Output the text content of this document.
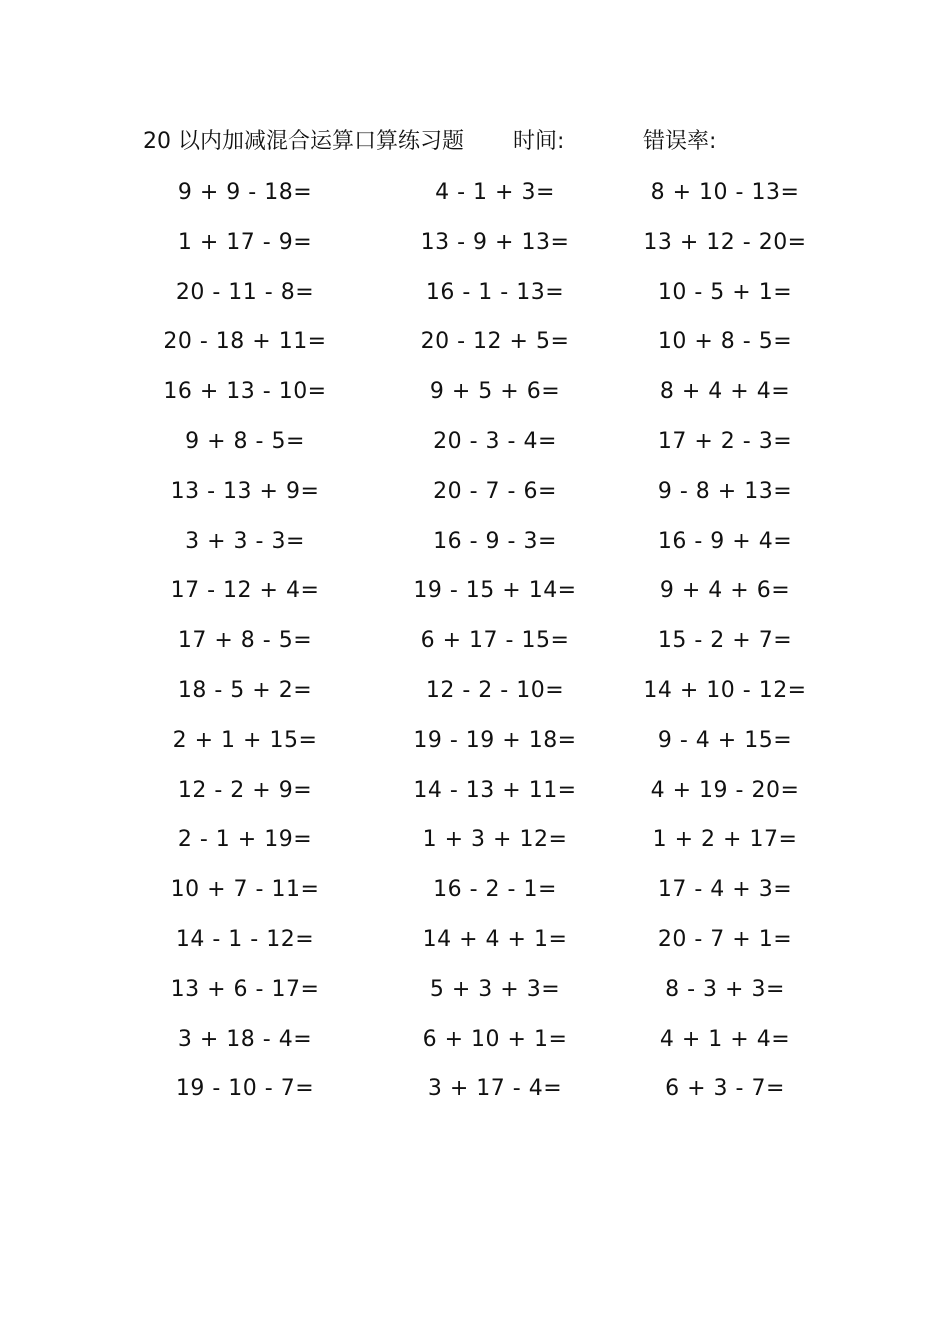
20 以内加减混合运算口算练习题 时间:	错误率:
9 + 9 - 18=	4 - 1 + 3=	8 + 10 - 13=
1 + 17 - 9=	13 - 9 + 13=	13 + 12 - 20=
20 - 11 - 8=	16 - 1 - 13=	10 - 5 + 1=
20 - 18 + 11=	20 - 12 + 5=	10 + 8 - 5=
16 + 13 - 10=	9 + 5 + 6=	8 + 4 + 4=
9 + 8 - 5=	20 - 3 - 4=	17 + 2 - 3=
13 - 13 + 9=	20 - 7 - 6=	9 - 8 + 13=
3 + 3 - 3=	16 - 9 - 3=	16 - 9 + 4=
17 - 12 + 4=	19 - 15 + 14=	9 + 4 + 6=
17 + 8 - 5=	6 + 17 - 15=	15 - 2 + 7=
18 - 5 + 2=	12 - 2 - 10=	14 + 10 - 12=
2 + 1 + 15=	19 - 19 + 18=	9 - 4 + 15=
12 - 2 + 9=	14 - 13 + 11=	4 + 19 - 20=
2 - 1 + 19=	1 + 3 + 12=	1 + 2 + 17=
10 + 7 - 11=	16 - 2 - 1=	17 - 4 + 3=
14 - 1 - 12=	14 + 4 + 1=	20 - 7 + 1=
13 + 6 - 17=	5 + 3 + 3=	8 - 3 + 3=
3 + 18 - 4=	6 + 10 + 1=	4 + 1 + 4=
19 - 10 - 7=	3 + 17 - 4=	6 + 3 - 7=
